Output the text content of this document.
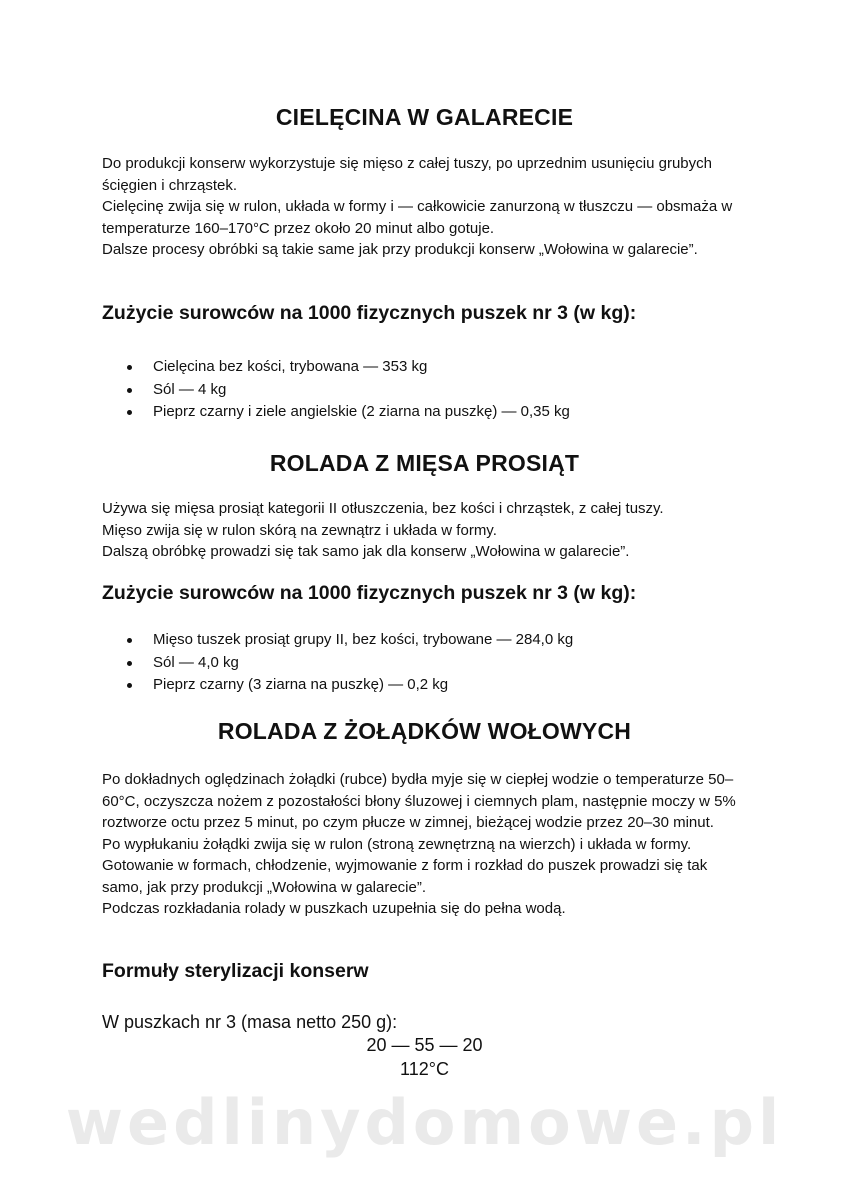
CIELĘCINA W GALARECIE

Do produkcji konserw wykorzystuje się mięso z całej tuszy, po uprzednim usunięciu grubych ścięgien i chrząstek.

Cielęcinę zwija się w rulon, układa w formy i — całkowicie zanurzoną w tłuszczu — obsmaża w temperaturze 160–170°C przez około 20 minut albo gotuje.

Dalsze procesy obróbki są takie same jak przy produkcji konserw „Wołowina w galarecie”.

Zużycie surowców na 1000 fizycznych puszek nr 3 (w kg):
Cielęcina bez kości, trybowana — 353 kg
Sól — 4 kg
Pieprz czarny i ziele angielskie (2 ziarna na puszkę) — 0,35 kg
ROLADA Z MIĘSA PROSIĄT

Używa się mięsa prosiąt kategorii II otłuszczenia, bez kości i chrząstek, z całej tuszy.

Mięso zwija się w rulon skórą na zewnątrz i układa w formy.

Dalszą obróbkę prowadzi się tak samo jak dla konserw „Wołowina w galarecie”.

Zużycie surowców na 1000 fizycznych puszek nr 3 (w kg):
Mięso tuszek prosiąt grupy II, bez kości, trybowane — 284,0 kg
Sól — 4,0 kg
Pieprz czarny (3 ziarna na puszkę) — 0,2 kg
ROLADA Z ŻOŁĄDKÓW WOŁOWYCH

Po dokładnych oględzinach żołądki (rubce) bydła myje się w ciepłej wodzie o temperaturze 50–60°C, oczyszcza nożem z pozostałości błony śluzowej i ciemnych plam, następnie moczy w 5% roztworze octu przez 5 minut, po czym płucze w zimnej, bieżącej wodzie przez 20–30 minut.

Po wypłukaniu żołądki zwija się w rulon (stroną zewnętrzną na wierzch) i układa w formy.

Gotowanie w formach, chłodzenie, wyjmowanie z form i rozkład do puszek prowadzi się tak samo, jak przy produkcji „Wołowina w galarecie”.

Podczas rozkładania rolady w puszkach uzupełnia się do pełna wodą.

Formuły sterylizacji konserw

W puszkach nr 3 (masa netto 250 g):

20 — 55 — 20

112°C

wedlinydomowe.pl
